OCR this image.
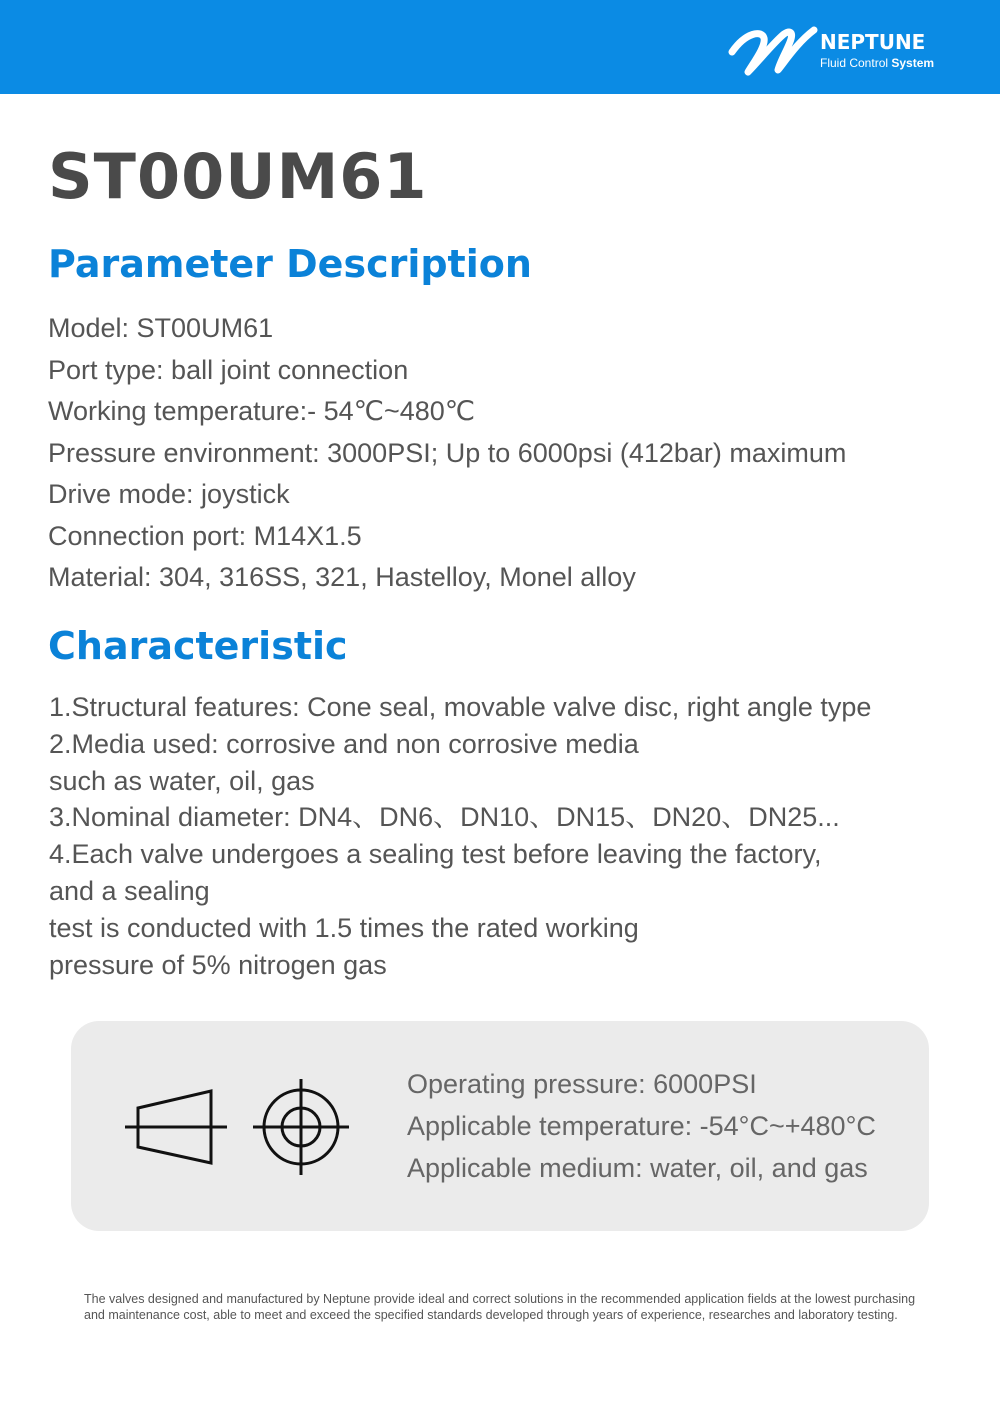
NEPTUNE
Fluid Control System
ST00UM61
Parameter Description
Model: ST00UM61
Port type: ball joint connection
Working temperature:- 54℃~480℃
Pressure environment: 3000PSI; Up to 6000psi (412bar) maximum
Drive mode: joystick
Connection port: M14X1.5
Material: 304, 316SS, 321, Hastelloy, Monel alloy
Characteristic
1.Structural features: Cone seal, movable valve disc, right angle type
2.Media used: corrosive and non corrosive media
such as water, oil, gas
3.Nominal diameter: DN4、DN6、DN10、DN15、DN20、DN25...
4.Each valve undergoes a sealing test before leaving the factory,
and a sealing
test is conducted with 1.5 times the rated working
pressure of 5% nitrogen gas
Operating pressure: 6000PSI
Applicable temperature: -54°C~+480°C
Applicable medium: water, oil, and gas
The valves designed and manufactured by Neptune provide ideal and correct solutions in the recommended application fields at the lowest purchasing and maintenance cost, able to meet and exceed the specified standards developed through years of experience, researches and laboratory testing.
